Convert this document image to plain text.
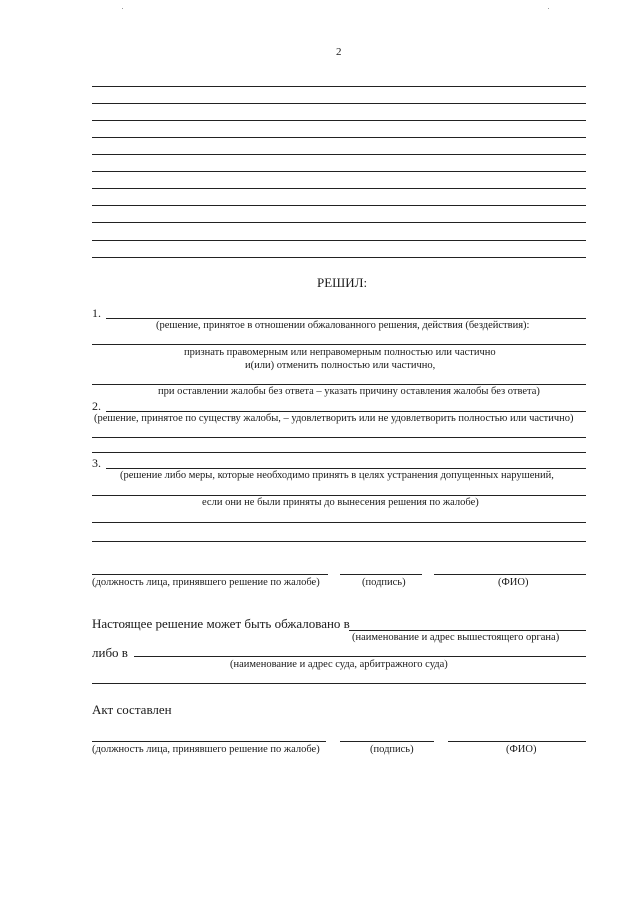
2
РЕШИЛ:
1.
(решение, принятое в отношении обжалованного решения, действия (бездействия):
признать правомерным или неправомерным полностью или частично
и(или) отменить полностью или частично,
при оставлении жалобы без ответа – указать причину оставления жалобы без ответа)
2.
(решение, принятое по существу жалобы, – удовлетворить или не удовлетворить полностью или частично)
3.
(решение либо меры, которые необходимо принять в целях устранения допущенных нарушений,
если они не были приняты до вынесения решения по жалобе)
(должность лица, принявшего решение по жалобе)	(подпись)	(ФИО)
Настоящее решение может быть обжаловано в
(наименование и адрес вышестоящего органа)
либо в
(наименование и адрес суда, арбитражного суда)
Акт составлен
(должность лица, принявшего решение по жалобе)	(подпись)	(ФИО)
